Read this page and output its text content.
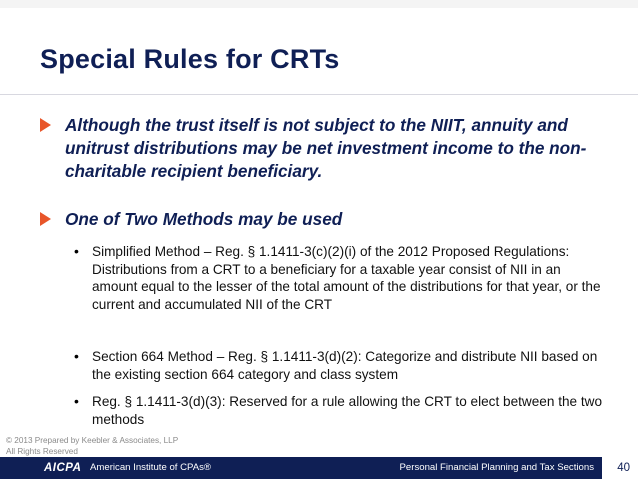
Special Rules for CRTs
Although the trust itself is not subject to the NIIT, annuity and unitrust distributions may be net investment income to the non-charitable recipient beneficiary.
One of Two Methods may be used
• Simplified Method – Reg. § 1.1411-3(c)(2)(i) of the 2012 Proposed Regulations: Distributions from a CRT to a beneficiary for a taxable year consist of NII in an amount equal to the lesser of the total amount of the distributions for that year, or the current and accumulated NII of the CRT
• Section 664 Method – Reg. § 1.1411-3(d)(2): Categorize and distribute NII based on the existing section 664 category and class system
• Reg. § 1.1411-3(d)(3): Reserved for a rule allowing the CRT to elect between the two methods
© 2013 Prepared by Keebler & Associates, LLP
All Rights Reserved
AICPA American Institute of CPAs®	Personal Financial Planning and Tax Sections 40
